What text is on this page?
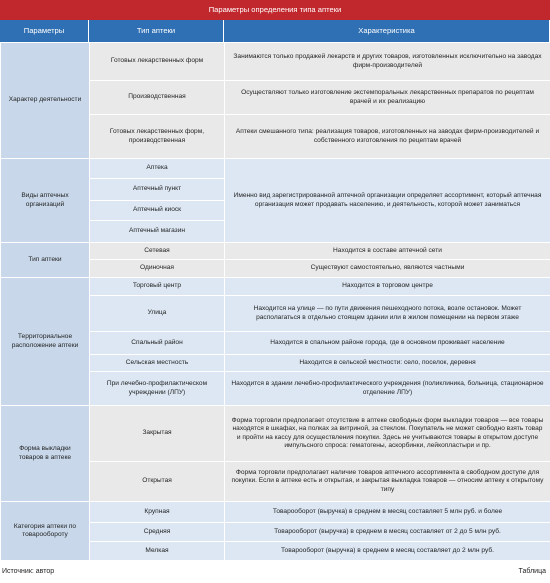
Параметры определения типа аптеки
Параметры	Тип аптеки	Характеристика
Характер деятельности	Готовых лекарственных форм	Занимаются только продажей лекарств и других товаров, изготовленных исключительно на заводах фирм-производителей
	Производственная	Осуществляют только изготовление экстемпоральных лекарственных препаратов по рецептам врачей и их реализацию
	Готовых лекарственных форм, производственная	Аптеки смешанного типа: реализация товаров, изготовленных на заводах фирм-производителей и собственного изготовления по рецептам врачей
Виды аптечных организаций	Аптека	Именно вид зарегистрированной аптечной организации определяет ассортимент, который аптечная организация может продавать населению, и деятельность, которой может заниматься
	Аптечный пункт	
	Аптечный киоск	
	Аптечный магазин	
Тип аптеки	Сетевая	Находится в составе аптечной сети
	Одиночная	Существуют самостоятельно, являются частными
Территориальное расположение аптеки	Торговый центр	Находится в торговом центре
	Улица	Находится на улице — по пути движения пешеходного потока, возле остановок. Может располагаться в отдельно стоящем здании или в жилом помещении на первом этаже
	Спальный район	Находится в спальном районе города, где в основном проживает население
	Сельская местность	Находится в сельской местности: село, поселок, деревня
	При лечебно-профилактическом учреждении (ЛПУ)	Находится в здании лечебно-профилактического учреждения (поликлиника, больница, стационарное отделение ЛПУ)
Форма выкладки товаров в аптеке	Закрытая	Форма торговли предполагает отсутствие в аптеке свободных форм выкладки товаров — все товары находятся в шкафах, на полках за витриной, за стеклом. Покупатель не может свободно взять товар и пройти на кассу для осуществления покупки. Здесь не учитываются товары в открытом доступе импульсного спроса: гематогены, аскорбинки, лейкопластыри и пр.
	Открытая	Форма торговли предполагает наличие товаров аптечного ассортимента в свободном доступе для покупки. Если в аптеке есть и открытая, и закрытая выкладка товаров — относим аптеку к открытому типу
Категория аптеки по товарообороту	Крупная	Товарооборот (выручка) в среднем в месяц составляет 5 млн руб. и более
	Средняя	Товарооборот (выручка) в среднем в месяц составляет от 2 до 5 млн руб.
	Мелкая	Товарооборот (выручка) в среднем в месяц составляет до 2 млн руб.
Источник: автор	Таблица
